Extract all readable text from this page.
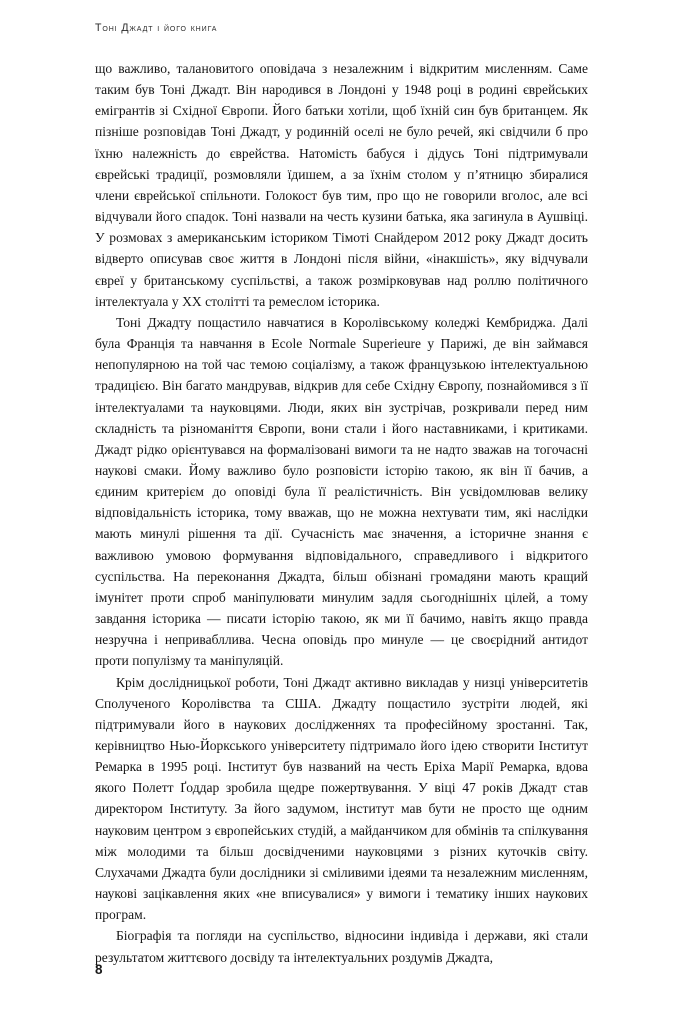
Тоні Джадт і його книга

що важливо, талановитого оповідача з незалежним і відкритим мисленням. Саме таким був Тоні Джадт. Він народився в Лондоні у 1948 році в родині єврейських емігрантів зі Східної Європи. Його батьки хотіли, щоб їхній син був британцем. Як пізніше розповідав Тоні Джадт, у родинній оселі не було речей, які свідчили б про їхню належність до єврейства. Натомість бабуся і дідусь Тоні підтримували єврейські традиції, розмовляли їдишем, а за їхнім столом у п’ятницю збиралися члени єврейської спільноти. Голокост був тим, про що не говорили вголос, але всі відчували його спадок. Тоні назвали на честь кузини батька, яка загинула в Аушвіці. У розмовах з американським істориком Тімоті Снайдером 2012 року Джадт досить відверто описував своє життя в Лондоні після війни, «інакшість», яку відчували євреї у британському суспільстві, а також розмірковував над роллю політичного інтелектуала у XX столітті та ремеслом історика.

Тоні Джадту пощастило навчатися в Королівському коледжі Кембриджа. Далі була Франція та навчання в Ecole Normale Superieure у Парижі, де він займався непопулярною на той час темою соціалізму, а також французькою інтелектуальною традицією. Він багато мандрував, відкрив для себе Східну Європу, познайомився з її інтелектуалами та науковцями. Люди, яких він зустрічав, розкривали перед ним складність та різноманіття Європи, вони стали і його наставниками, і критиками. Джадт рідко орієнтувався на формалізовані вимоги та не надто зважав на тогочасні наукові смаки. Йому важливо було розповісти історію такою, як він її бачив, а єдиним критерієм до оповіді була її реалістичність. Він усвідомлював велику відповідальність історика, тому вважав, що не можна нехтувати тим, які наслідки мають минулі рішення та дії. Сучасність має значення, а історичне знання є важливою умовою формування відповідального, справедливого і відкритого суспільства. На переконання Джадта, більш обізнані громадяни мають кращий імунітет проти спроб маніпулювати минулим задля сьогоднішніх цілей, а тому завдання історика — писати історію такою, як ми її бачимо, навіть якщо правда незручна і непривабллива. Чесна оповідь про минуле — це своєрідний антидот проти популізму та маніпуляцій.

Крім дослідницької роботи, Тоні Джадт активно викладав у низці університетів Сполученого Королівства та США. Джадту пощастило зустріти людей, які підтримували його в наукових дослідженнях та професійному зростанні. Так, керівництво Нью-Йоркського університету підтримало його ідею створити Інститут Ремарка в 1995 році. Інститут був названий на честь Еріха Марії Ремарка, вдова якого Полетт Ґоддар зробила щедре пожертвування. У віці 47 років Джадт став директором Інституту. За його задумом, інститут мав бути не просто ще одним науковим центром з європейських студій, а майданчиком для обмінів та спілкування між молодими та більш досвідченими науковцями з різних куточків світу. Слухачами Джадта були дослідники зі сміливими ідеями та незалежним мисленням, наукові зацікавлення яких «не вписувалися» у вимоги і тематику інших наукових програм.

Біографія та погляди на суспільство, відносини індивіда і держави, які стали результатом життєвого досвіду та інтелектуальних роздумів Джадта,

8
